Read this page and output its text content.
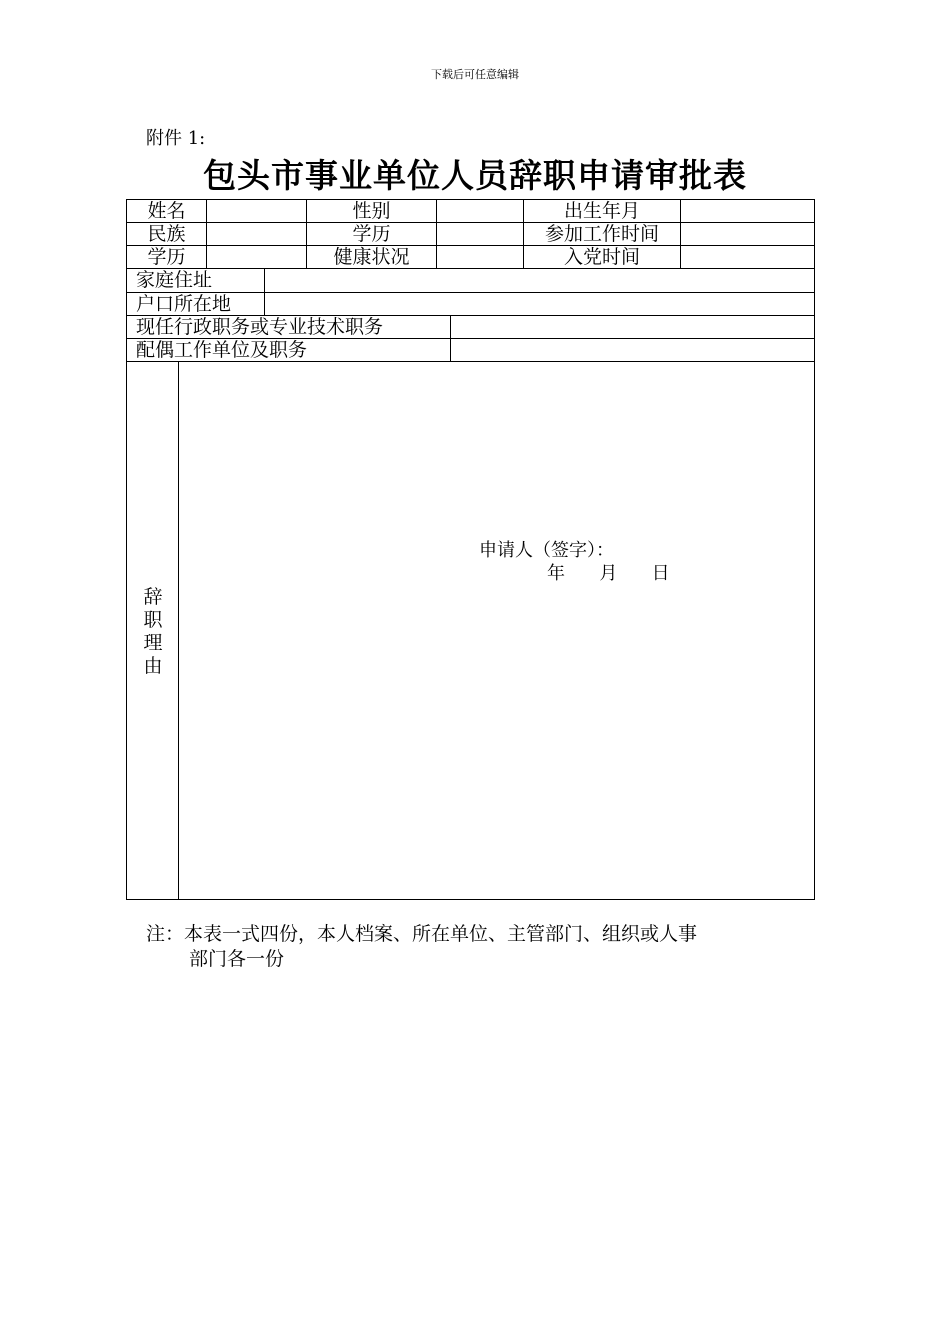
下载后可任意编辑
附件 1:
包头市事业单位人员辞职申请审批表
姓名	性别	出生年月
民族	学历	参加工作时间
学历	健康状况	入党时间
家庭住址
户口所在地
现任行政职务或专业技术职务
配偶工作单位及职务
辞
职
理
由
申请人（签字）：
年      月      日
注：本表一式四份，本人档案、所在单位、主管部门、组织或人事
部门各一份
